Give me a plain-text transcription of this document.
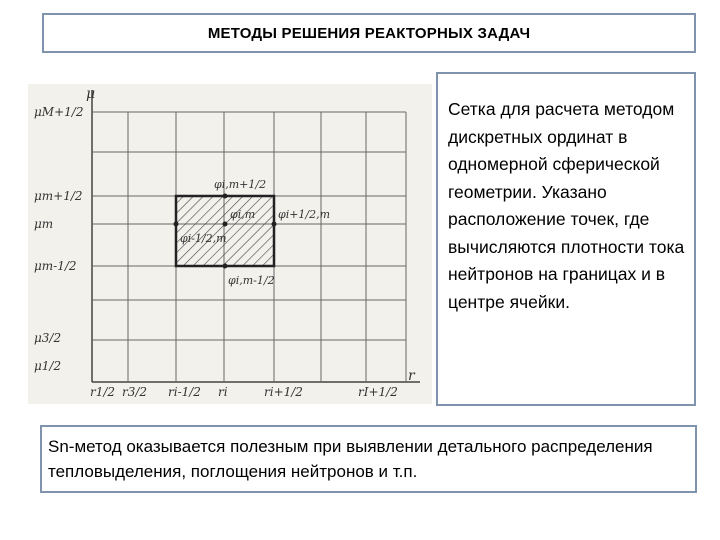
МЕТОДЫ РЕШЕНИЯ РЕАКТОРНЫХ ЗАДАЧ
μ
r
μM+1/2
μm+1/2
μm
μm-1/2
μ3/2
μ1/2
r1/2 r3/2 ri-1/2 ri	ri+1/2	rI+1/2
φi,m+1/2
φi,m φi+1/2,m
φi-1/2,m
φi,m-1/2

Сетка для расчета методом дискретных ординат в одномерной сферической геометрии. Указано расположение точек, где вычисляются плотности тока нейтронов на границах и в центре ячейки.

Sn-метод оказывается полезным при выявлении детального распределения тепловыделения, поглощения нейтронов и т.п.
